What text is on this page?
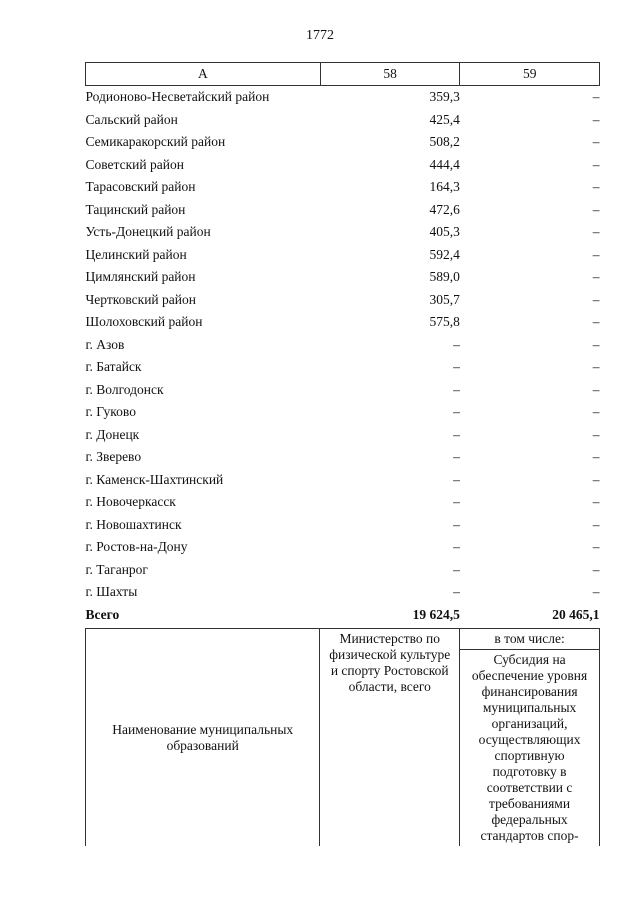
1772
А	58	59
Родионово-Несветайский район	359,3	–
Сальский район	425,4	–
Семикаракорский район	508,2	–
Советский район	444,4	–
Тарасовский район	164,3	–
Тацинский район	472,6	–
Усть-Донецкий район	405,3	–
Целинский район	592,4	–
Цимлянский район	589,0	–
Чертковский район	305,7	–
Шолоховский район	575,8	–
г. Азов	–	–
г. Батайск	–	–
г. Волгодонск	–	–
г. Гуково	–	–
г. Донецк	–	–
г. Зверево	–	–
г. Каменск-Шахтинский	–	–
г. Новочеркасск	–	–
г. Новошахтинск	–	–
г. Ростов-на-Дону	–	–
г. Таганрог	–	–
г. Шахты	–	–
Всего	19 624,5	20 465,1
Наименование муниципальных образований	Министерство по физической культуре и спорту Ростовской области, всего	в том числе:
Субсидия на обеспечение уровня финансирования муниципальных организаций, осуществляющих спортивную подготовку в соответствии с требованиями федеральных стандартов спор-
